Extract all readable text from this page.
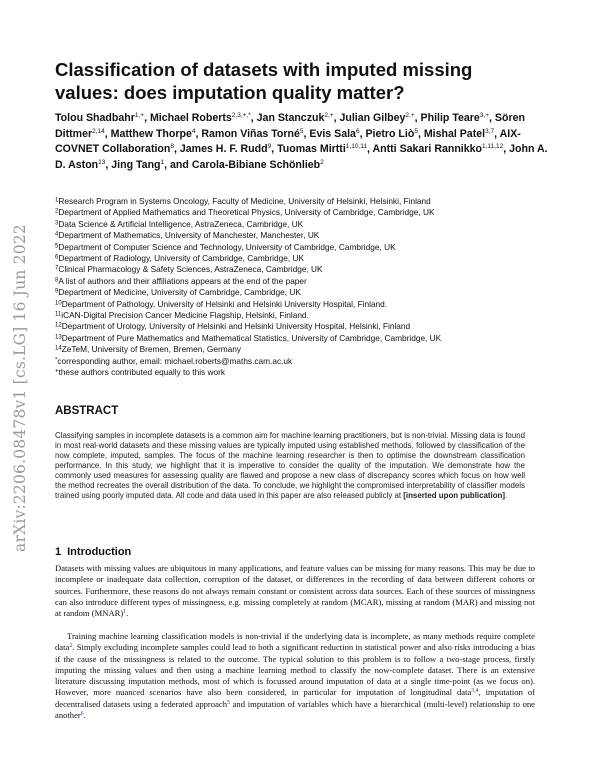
arXiv:2206.08478v1 [cs.LG] 16 Jun 2022
Classification of datasets with imputed missing values: does imputation quality matter?

Tolou Shadbahr$^{1,+}$, Michael Roberts$^{2,3,+,*}$, Jan Stanczuk$^{2,+}$, Julian Gilbey$^{2,+}$, Philip Teare$^{3,+}$, Sören Dittmer$^{2,14}$, Matthew Thorpe$^4$, Ramon Viñas Torné$^5$, Evis Sala$^6$, Pietro Liò$^5$, Mishal Patel$^{3,7}$, AIX-COVNET Collaboration$^8$, James H. F. Rudd$^9$, Tuomas Mirtti$^{1,10,11}$, Antti Sakari Rannikko$^{1,11,12}$, John A. D. Aston$^{13}$, Jing Tang$^1$, and Carola-Bibiane Schönlieb$^2$

$^1$Research Program in Systems Oncology, Faculty of Medicine, University of Helsinki, Helsinki, Finland
$^2$Department of Applied Mathematics and Theoretical Physics, University of Cambridge, Cambridge, UK
$^3$Data Science & Artificial Intelligence, AstraZeneca, Cambridge, UK
$^4$Department of Mathematics, University of Manchester, Manchester, UK
$^5$Department of Computer Science and Technology, University of Cambridge, Cambridge, UK
$^6$Department of Radiology, University of Cambridge, Cambridge, UK
$^7$Clinical Pharmacology & Safety Sciences, AstraZeneca, Cambridge, UK
$^8$A list of authors and their affiliations appears at the end of the paper
$^9$Department of Medicine, University of Cambridge, Cambridge, UK
$^{10}$Department of Pathology, University of Helsinki and Helsinki University Hospital, Finland.
$^{11}$iCAN-Digital Precision Cancer Medicine Flagship, Helsinki, Finland.
$^{12}$Department of Urology, University of Helsinki and Helsinki University Hospital, Helsinki, Finland
$^{13}$Department of Pure Mathematics and Mathematical Statistics, University of Cambridge, Cambridge, UK
$^{14}$ZeTeM, University of Bremen, Bremen, Germany
*corresponding author, email: michael.roberts@maths.cam.ac.uk
+these authors contributed equally to this work
ABSTRACT

Classifying samples in incomplete datasets is a common aim for machine learning practitioners, but is non-trivial. Missing data is found in most real-world datasets and these missing values are typically imputed using established methods, followed by classification of the now complete, imputed, samples. The focus of the machine learning researcher is then to optimise the downstream classification performance. In this study, we highlight that it is imperative to consider the quality of the imputation. We demonstrate how the commonly used measures for assessing quality are flawed and propose a new class of discrepancy scores which focus on how well the method recreates the overall distribution of the data. To conclude, we highlight the compromised interpretability of classifier models trained using poorly imputed data. All code and data used in this paper are also released publicly at [inserted upon publication].

1 Introduction

Datasets with missing values are ubiquitous in many applications, and feature values can be missing for many reasons. This may be due to incomplete or inadequate data collection, corruption of the dataset, or differences in the recording of data between different cohorts or sources. Furthermore, these reasons do not always remain constant or consistent across data sources. Each of these sources of missingness can also introduce different types of missingness, e.g. missing completely at random (MCAR), missing at random (MAR) and missing not at random (MNAR)$^1$.

Training machine learning classification models is non-trivial if the underlying data is incomplete, as many methods require complete data$^2$. Simply excluding incomplete samples could lead to both a significant reduction in statistical power and also risks introducing a bias if the cause of the missingness is related to the outcome. The typical solution to this problem is to follow a two-stage process, firstly imputing the missing values and then using a machine learning method to classify the now-complete dataset. There is an extensive literature discussing imputation methods, most of which is focussed around imputation of data at a single time-point (as we focus on). However, more nuanced scenarios have also been considered, in particular for imputation of longitudinal data$^{3,4}$, imputation of decentralised datasets using a federated approach$^5$ and imputation of variables which have a hierarchical (multi-level) relationship to one another$^6$.
